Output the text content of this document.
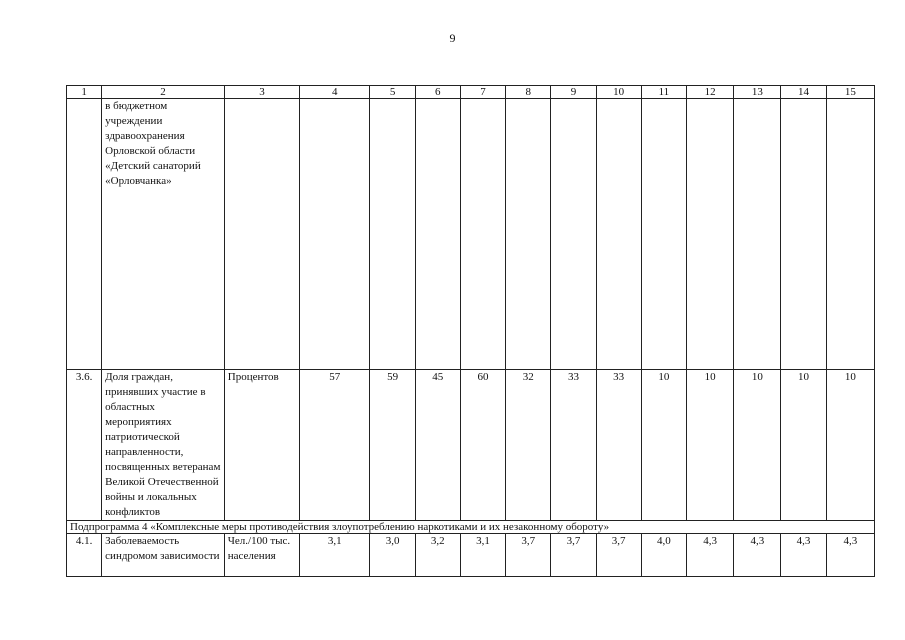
9
1	2	3	4	5	6	7	8	9	10	11	12	13	14	15
	в бюджетном учреждении здравоохранения Орловской области «Детский санаторий «Орловчанка»													
3.6.	Доля граждан, принявших участие в областных мероприятиях патриотической направленности, посвященных ветеранам Великой Отечественной войны и локальных конфликтов	Процентов	57	59	45	60	32	33	33	10	10	10	10	10
Подпрограмма 4 «Комплексные меры противодействия злоупотреблению наркотиками и их незаконному обороту»														
4.1.	Заболеваемость синдромом зависимости	Чел./100 тыс. населения	3,1	3,0	3,2	3,1	3,7	3,7	3,7	4,0	4,3	4,3	4,3	4,3
